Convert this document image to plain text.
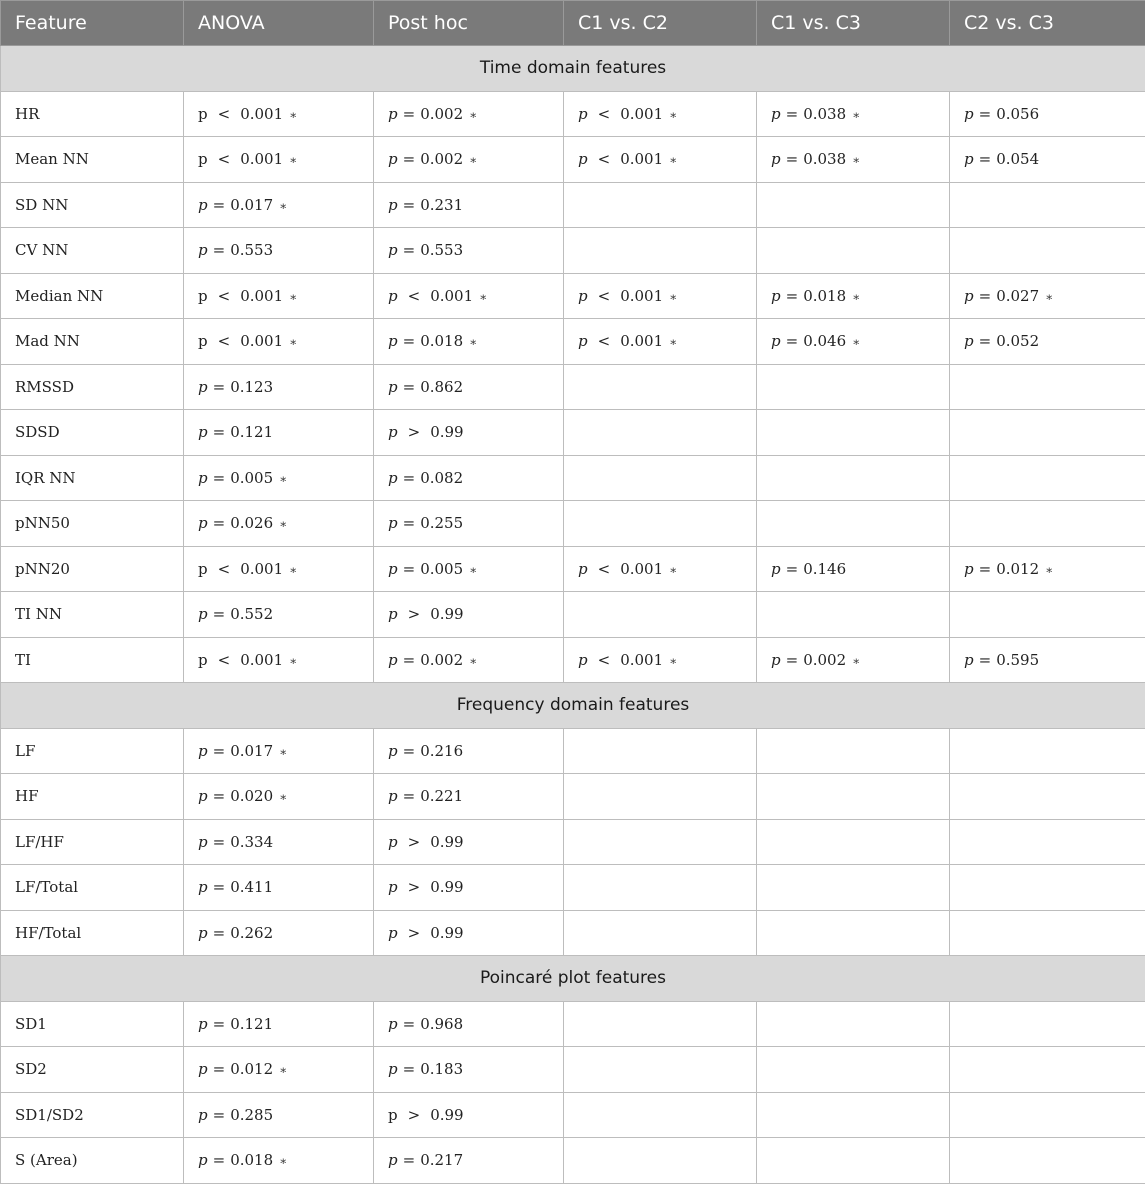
Feature	ANOVA	Post hoc	C1 vs. C2	C1 vs. C3	C2 vs. C3
Time domain features					
HR	p < 0.001 ∗	p = 0.002 ∗	p < 0.001 ∗	p = 0.038 ∗	p = 0.056
Mean NN	p < 0.001 ∗	p = 0.002 ∗	p < 0.001 ∗	p = 0.038 ∗	p = 0.054
SD NN	p = 0.017 ∗	p = 0.231			
CV NN	p = 0.553	p = 0.553			
Median NN	p < 0.001 ∗	p < 0.001 ∗	p < 0.001 ∗	p = 0.018 ∗	p = 0.027 ∗
Mad NN	p < 0.001 ∗	p = 0.018 ∗	p < 0.001 ∗	p = 0.046 ∗	p = 0.052
RMSSD	p = 0.123	p = 0.862			
SDSD	p = 0.121	p > 0.99			
IQR NN	p = 0.005 ∗	p = 0.082			
pNN50	p = 0.026 ∗	p = 0.255			
pNN20	p < 0.001 ∗	p = 0.005 ∗	p < 0.001 ∗	p = 0.146	p = 0.012 ∗
TI NN	p = 0.552	p > 0.99			
TI	p < 0.001 ∗	p = 0.002 ∗	p < 0.001 ∗	p = 0.002 ∗	p = 0.595
Frequency domain features					
LF	p = 0.017 ∗	p = 0.216			
HF	p = 0.020 ∗	p = 0.221			
LF/HF	p = 0.334	p > 0.99			
LF/Total	p = 0.411	p > 0.99			
HF/Total	p = 0.262	p > 0.99			
Poincaré plot features					
SD1	p = 0.121	p = 0.968			
SD2	p = 0.012 ∗	p = 0.183			
SD1/SD2	p = 0.285	p > 0.99			
S (Area)	p = 0.018 ∗	p = 0.217			
